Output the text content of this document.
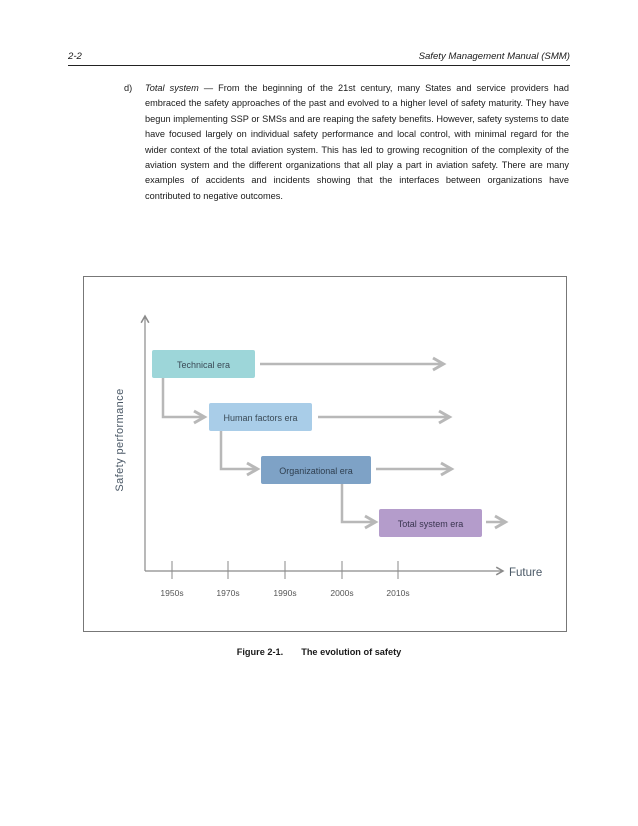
2-2	Safety Management Manual (SMM)
d) Total system — From the beginning of the 21st century, many States and service providers had embraced the safety approaches of the past and evolved to a higher level of safety maturity. They have begun implementing SSP or SMSs and are reaping the safety benefits. However, safety systems to date have focused largely on individual safety performance and local control, with minimal regard for the wider context of the total aviation system. This has led to growing recognition of the complexity of the aviation system and the different organizations that all play a part in aviation safety. There are many examples of accidents and incidents showing that the interfaces between organizations have contributed to negative outcomes.
Technical era
Human factors era
Organizational era
Total system era
1950s	1970s	1990s	2000s	2010s
Future
Safety performance
Figure 2-1. The evolution of safety
